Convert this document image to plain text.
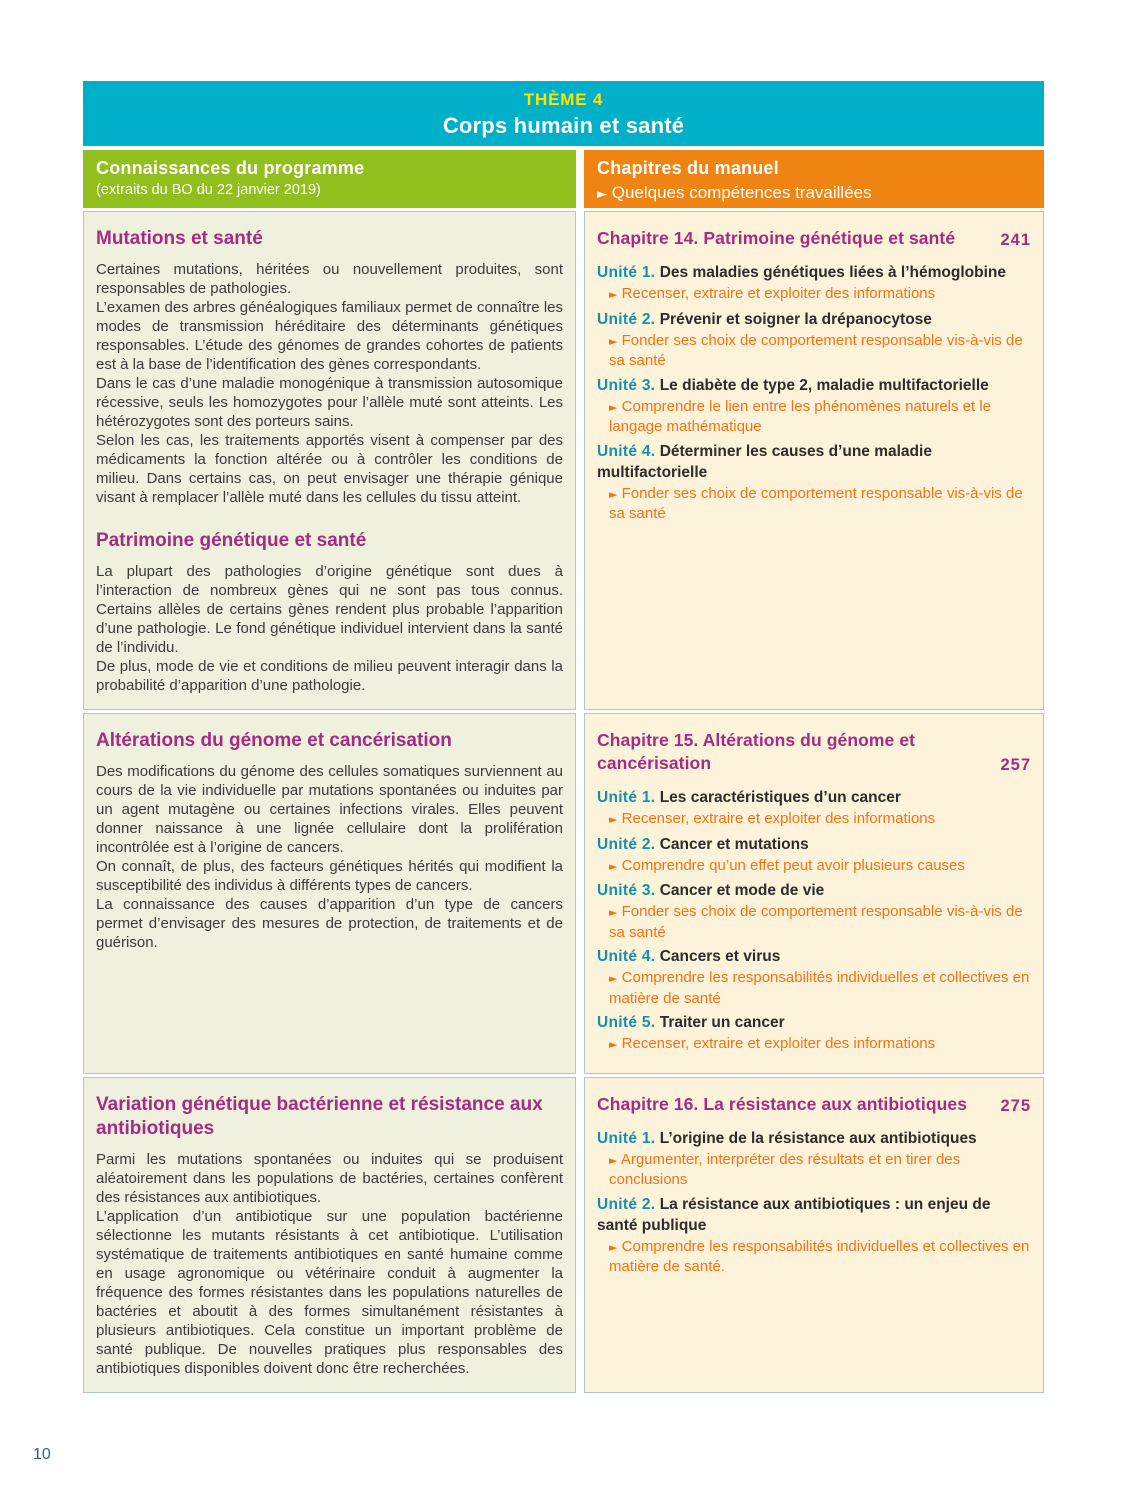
THÈME 4
Corps humain et santé
Connaissances du programme
(extraits du BO du 22 janvier 2019)
Chapitres du manuel
► Quelques compétences travaillées
Mutations et santé

Certaines mutations, héritées ou nouvellement produites, sont responsables de pathologies.

L’examen des arbres généalogiques familiaux permet de connaître les modes de transmission héréditaire des déterminants génétiques responsables. L’étude des génomes de grandes cohortes de patients est à la base de l’identification des gènes correspondants.

Dans le cas d’une maladie monogénique à transmission autosomique récessive, seuls les homozygotes pour l’allèle muté sont atteints. Les hétérozygotes sont des porteurs sains.

Selon les cas, les traitements apportés visent à compenser par des médicaments la fonction altérée ou à contrôler les conditions de milieu. Dans certains cas, on peut envisager une thérapie génique visant à remplacer l’allèle muté dans les cellules du tissu atteint.

Patrimoine génétique et santé

La plupart des pathologies d’origine génétique sont dues à l’interaction de nombreux gènes qui ne sont pas tous connus. Certains allèles de certains gènes rendent plus probable l’apparition d’une pathologie. Le fond génétique individuel intervient dans la santé de l’individu.

De plus, mode de vie et conditions de milieu peuvent interagir dans la probabilité d’apparition d’une pathologie.

Chapitre 14. Patrimoine génétique et santé	241

Unité 1. Des maladies génétiques liées à l’hémoglobine

► Recenser, extraire et exploiter des informations

Unité 2. Prévenir et soigner la drépanocytose

► Fonder ses choix de comportement responsable vis-à-vis de sa santé

Unité 3. Le diabète de type 2, maladie multifactorielle

► Comprendre le lien entre les phénomènes naturels et le langage mathématique

Unité 4. Déterminer les causes d’une maladie multifactorielle

► Fonder ses choix de comportement responsable vis-à-vis de sa santé

Altérations du génome et cancérisation

Des modifications du génome des cellules somatiques surviennent au cours de la vie individuelle par mutations spontanées ou induites par un agent mutagène ou certaines infections virales. Elles peuvent donner naissance à une lignée cellulaire dont la prolifération incontrôlée est à l’origine de cancers.

On connaît, de plus, des facteurs génétiques hérités qui modifient la susceptibilité des individus à différents types de cancers.

La connaissance des causes d’apparition d’un type de cancers permet d’envisager des mesures de protection, de traitements et de guérison.

Chapitre 15. Altérations du génome et cancérisation	257

Unité 1. Les caractéristiques d’un cancer

► Recenser, extraire et exploiter des informations

Unité 2. Cancer et mutations

► Comprendre qu’un effet peut avoir plusieurs causes

Unité 3. Cancer et mode de vie

► Fonder ses choix de comportement responsable vis-à-vis de sa santé

Unité 4. Cancers et virus

► Comprendre les responsabilités individuelles et collectives en matière de santé

Unité 5. Traiter un cancer

► Recenser, extraire et exploiter des informations

Variation génétique bactérienne et résistance aux antibiotiques

Parmi les mutations spontanées ou induites qui se produisent aléatoirement dans les populations de bactéries, certaines confèrent des résistances aux antibiotiques.

L’application d’un antibiotique sur une population bactérienne sélectionne les mutants résistants à cet antibiotique. L’utilisation systématique de traitements antibiotiques en santé humaine comme en usage agronomique ou vétérinaire conduit à augmenter la fréquence des formes résistantes dans les populations naturelles de bactéries et aboutit à des formes simultanément résistantes à plusieurs antibiotiques. Cela constitue un important problème de santé publique. De nouvelles pratiques plus responsables des antibiotiques disponibles doivent donc être recherchées.

Chapitre 16. La résistance aux antibiotiques 275

Unité 1. L’origine de la résistance aux antibiotiques

► Argumenter, interpréter des résultats et en tirer des conclusions

Unité 2. La résistance aux antibiotiques : un enjeu de santé publique

► Comprendre les responsabilités individuelles et collectives en matière de santé.

10
